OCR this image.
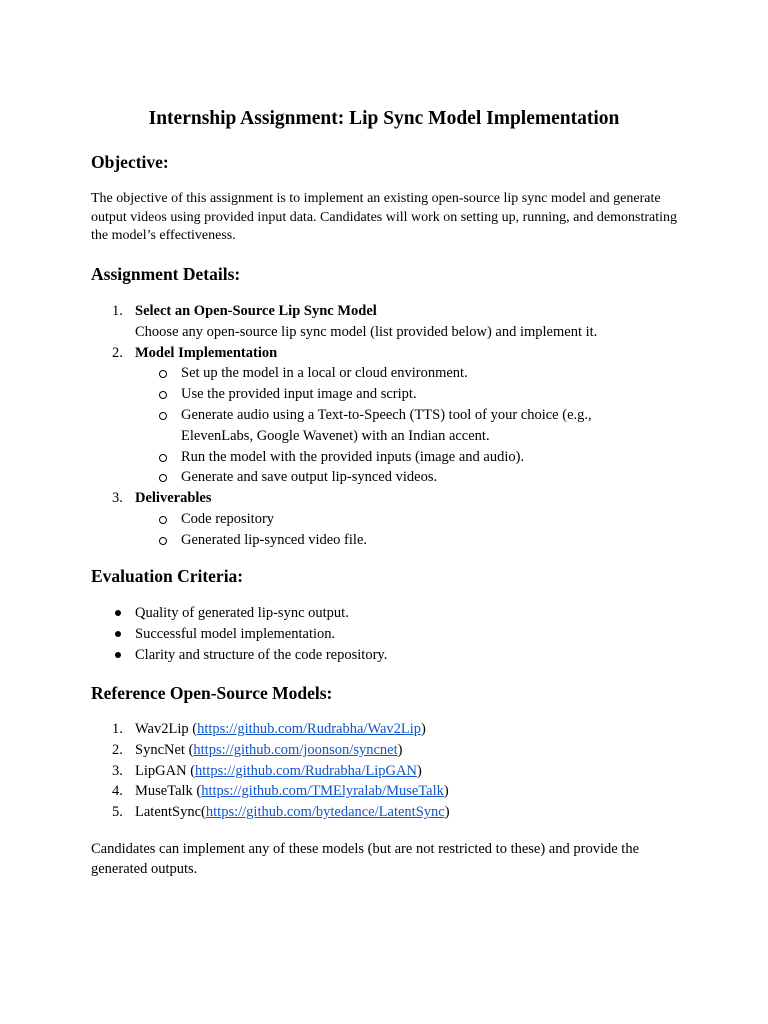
Internship Assignment: Lip Sync Model Implementation
Objective:
The objective of this assignment is to implement an existing open-source lip sync model and generate output videos using provided input data. Candidates will work on setting up, running, and demonstrating the model’s effectiveness.
Assignment Details:
1. Select an Open-Source Lip Sync Model
Choose any open-source lip sync model (list provided below) and implement it.
2. Model Implementation
Set up the model in a local or cloud environment.
Use the provided input image and script.
Generate audio using a Text-to-Speech (TTS) tool of your choice (e.g., ElevenLabs, Google Wavenet) with an Indian accent.
Run the model with the provided inputs (image and audio).
Generate and save output lip-synced videos.
3. Deliverables
Code repository
Generated lip-synced video file.
Evaluation Criteria:
Quality of generated lip-sync output.
Successful model implementation.
Clarity and structure of the code repository.
Reference Open-Source Models:
1. Wav2Lip (https://github.com/Rudrabha/Wav2Lip)
2. SyncNet (https://github.com/joonson/syncnet)
3. LipGAN (https://github.com/Rudrabha/LipGAN)
4. MuseTalk (https://github.com/TMElyralab/MuseTalk)
5. LatentSync(https://github.com/bytedance/LatentSync)
Candidates can implement any of these models (but are not restricted to these) and provide the generated outputs.
